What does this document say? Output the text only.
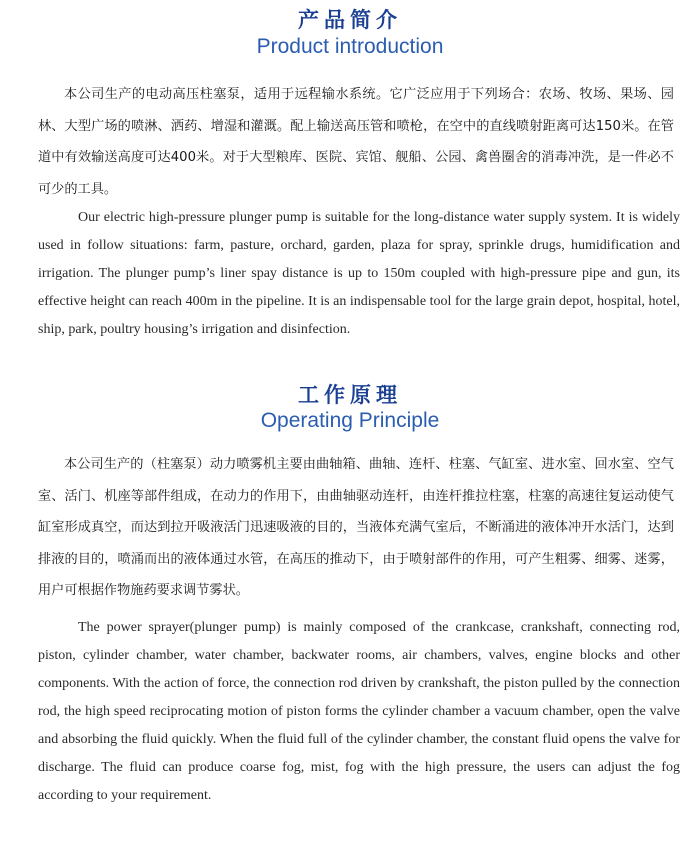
产品简介
Product introduction

本公司生产的电动高压柱塞泵，适用于远程输水系统。它广泛应用于下列场合：农场、牧场、果场、园林、大型广场的喷淋、洒药、增湿和灌溉。配上输送高压管和喷枪，在空中的直线喷射距离可达150米。在管道中有效输送高度可达400米。对于大型粮库、医院、宾馆、舰船、公园、禽兽圈舍的消毒冲洗，是一件必不可少的工具。

Our electric high-pressure plunger pump is suitable for the long-distance water supply system. It is widely used in follow situations: farm, pasture, orchard, garden, plaza for spray, sprinkle drugs, humidification and irrigation. The plunger pump’s liner spay distance is up to 150m coupled with high-pressure pipe and gun, its effective height can reach 400m in the pipeline. It is an indispensable tool for the large grain depot, hospital, hotel, ship, park, poultry housing’s irrigation and disinfection.

工作原理
Operating Principle

本公司生产的（柱塞泵）动力喷雾机主要由曲轴箱、曲轴、连杆、柱塞、气缸室、进水室、回水室、空气室、活门、机座等部件组成，在动力的作用下，由曲轴驱动连杆，由连杆推拉柱塞，柱塞的高速往复运动使气缸室形成真空，而达到拉开吸液活门迅速吸液的目的，当液体充满气室后，不断涌进的液体冲开水活门，达到排液的目的，喷涌而出的液体通过水管，在高压的推动下，由于喷射部件的作用，可产生粗雾、细雾、迷雾，用户可根据作物施药要求调节雾状。

The power sprayer(plunger pump) is mainly composed of the crankcase, crankshaft, connecting rod, piston, cylinder chamber, water chamber, backwater rooms, air chambers, valves, engine blocks and other components. With the action of force, the connection rod driven by crankshaft, the piston pulled by the connection rod, the high speed reciprocating motion of piston forms the cylinder chamber a vacuum chamber, open the valve and absorbing the fluid quickly. When the fluid full of the cylinder chamber, the constant fluid opens the valve for discharge. The fluid can produce coarse fog, mist, fog with the high pressure, the users can adjust the fog according to your requirement.
